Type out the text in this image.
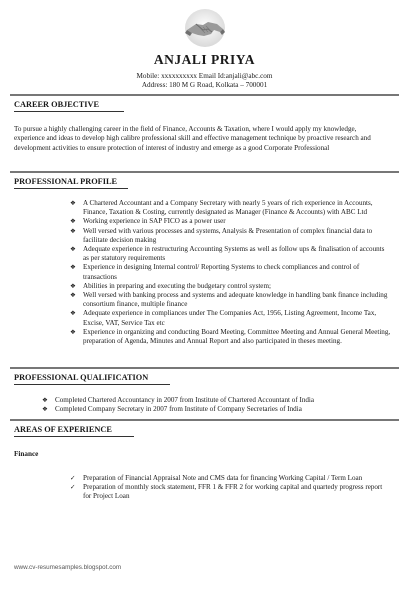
ANJALI PRIYA
Mobile: xxxxxxxxxx Email Id:anjali@abc.com
Address: 180 M G Road, Kolkata – 700001
CAREER OBJECTIVE
To pursue a highly challenging career in the field of Finance, Accounts & Taxation, where I would apply my knowledge, experience and ideas to develop high calibre professional skill and effective management technique by proactive research and development activities to ensure protection of interest of industry and emerge as a good Corporate Professional
PROFESSIONAL PROFILE
❖ A Chartered Accountant and a Company Secretary with nearly 5 years of rich experience in Accounts, Finance, Taxation & Costing, currently designated as Manager (Finance & Accounts) with ABC Ltd
❖ Working experience in SAP FICO as a power user
❖ Well versed with various processes and systems, Analysis & Presentation of complex financial data to facilitate decision making
❖ Adequate experience in restructuring Accounting Systems as well as follow ups & finalisation of accounts as per statutory requirements
❖ Experience in designing Internal control/ Reporting Systems to check compliances and control of transactions
❖ Abilities in preparing and executing the budgetary control system;
❖ Well versed with banking process and systems and adequate knowledge in handling bank finance including consortium finance, multiple finance
❖ Adequate experience in compliances under The Companies Act, 1956, Listing Agreement, Income Tax, Excise, VAT, Service Tax etc
❖ Experience in organizing and conducting Board Meeting, Committee Meeting and Annual General Meeting, preparation of Agenda, Minutes and Annual Report and also participated in theses meeting.
PROFESSIONAL QUALIFICATION
❖ Completed Chartered Accountancy in 2007 from Institute of Chartered Accountant of India
❖ Completed Company Secretary in 2007 from Institute of Company Secretaries of India
AREAS OF EXPERIENCE
Finance
✓ Preparation of Financial Appraisal Note and CMS data for financing Working Capital / Term Loan
✓ Preparation of monthly stock statement, FFR 1 & FFR 2 for working capital and quartedy progress report for Project Loan
www.cv-resumesamples.blogspot.com
